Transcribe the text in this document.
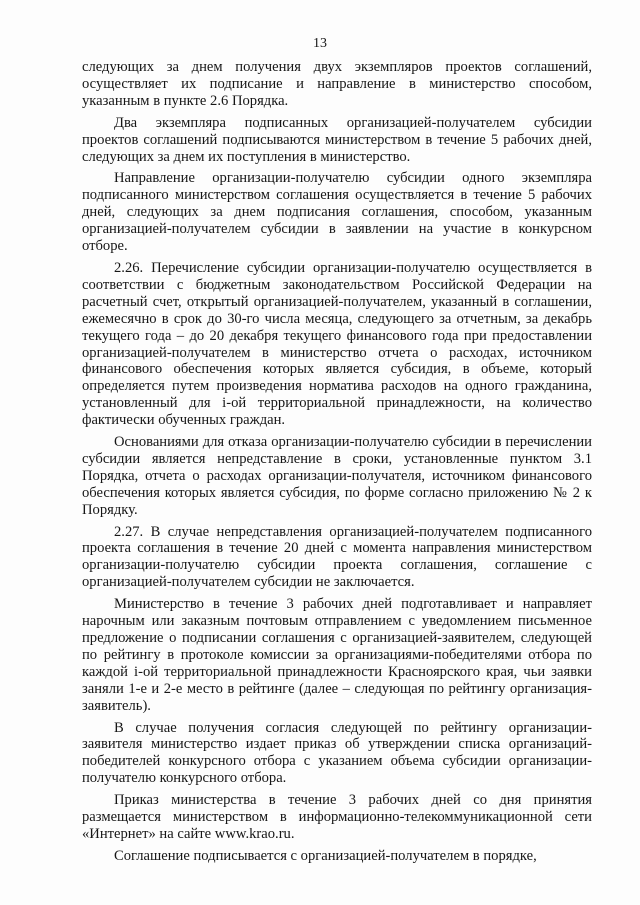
13

следующих за днем получения двух экземпляров проектов соглашений, осуществляет их подписание и направление в министерство способом, указанным в пункте 2.6 Порядка.

Два экземпляра подписанных организацией-получателем субсидии проектов соглашений подписываются министерством в течение 5 рабочих дней, следующих за днем их поступления в министерство.

Направление организации-получателю субсидии одного экземпляра подписанного министерством соглашения осуществляется в течение 5 рабочих дней, следующих за днем подписания соглашения, способом, указанным организацией-получателем субсидии в заявлении на участие в конкурсном отборе.

2.26. Перечисление субсидии организации-получателю осуществляется в соответствии с бюджетным законодательством Российской Федерации на расчетный счет, открытый организацией-получателем, указанный в соглашении, ежемесячно в срок до 30-го числа месяца, следующего за отчетным, за декабрь текущего года – до 20 декабря текущего финансового года при предоставлении организацией-получателем в министерство отчета о расходах, источником финансового обеспечения которых является субсидия, в объеме, который определяется путем произведения норматива расходов на одного гражданина, установленный для i-ой территориальной принадлежности, на количество фактически обученных граждан.

Основаниями для отказа организации-получателю субсидии в перечислении субсидии является непредставление в сроки, установленные пунктом 3.1 Порядка, отчета о расходах организации-получателя, источником финансового обеспечения которых является субсидия, по форме согласно приложению № 2 к Порядку.

2.27. В случае непредставления организацией-получателем подписанного проекта соглашения в течение 20 дней с момента направления министерством организации-получателю субсидии проекта соглашения, соглашение с организацией-получателем субсидии не заключается.

Министерство в течение 3 рабочих дней подготавливает и направляет нарочным или заказным почтовым отправлением с уведомлением письменное предложение о подписании соглашения с организацией-заявителем, следующей по рейтингу в протоколе комиссии за организациями-победителями отбора по каждой i-ой территориальной принадлежности Красноярского края, чьи заявки заняли 1-е и 2-е место в рейтинге (далее – следующая по рейтингу организация-заявитель).

В случае получения согласия следующей по рейтингу организации-заявителя министерство издает приказ об утверждении списка организаций-победителей конкурсного отбора с указанием объема субсидии организации-получателю конкурсного отбора.

Приказ министерства в течение 3 рабочих дней со дня принятия размещается министерством в информационно-телекоммуникационной сети «Интернет» на сайте www.krao.ru.

Соглашение подписывается с организацией-получателем в порядке,
